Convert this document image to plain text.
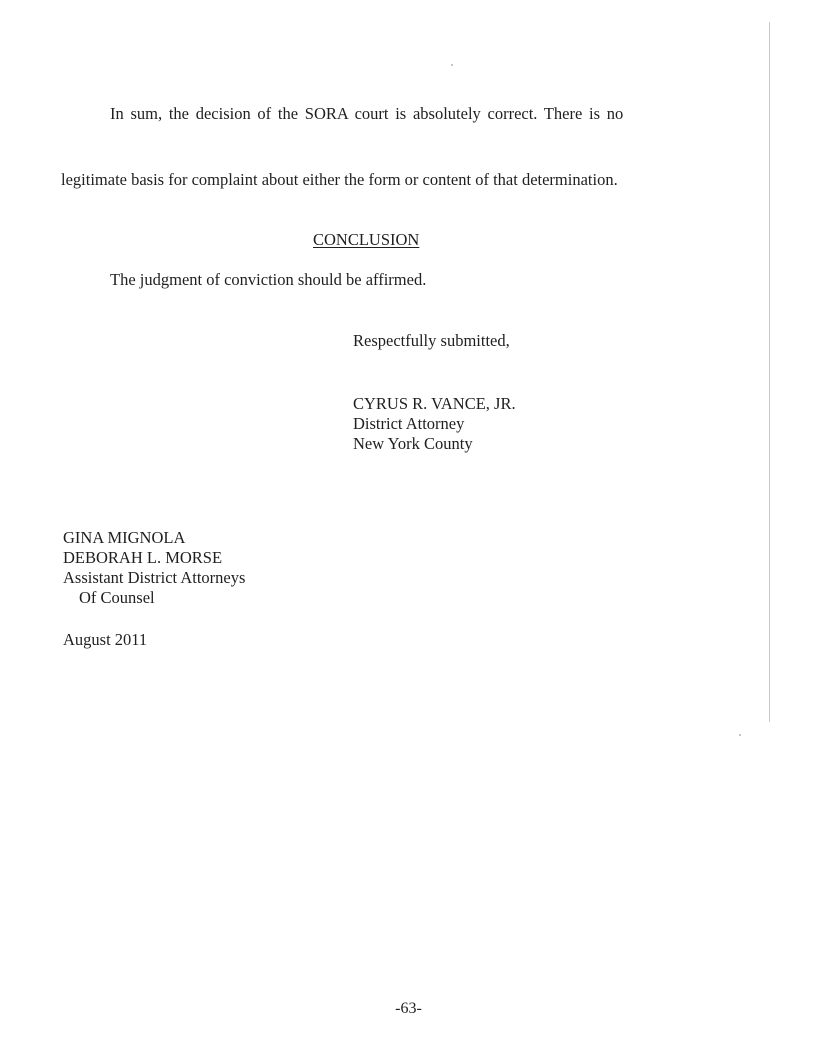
In sum, the decision of the SORA court is absolutely correct. There is no
legitimate basis for complaint about either the form or content of that determination.
CONCLUSION
The judgment of conviction should be affirmed.
Respectfully submitted,
CYRUS R. VANCE, JR.
District Attorney
New York County
GINA MIGNOLA
DEBORAH L. MORSE
Assistant District Attorneys
Of Counsel
August 2011
-63-
